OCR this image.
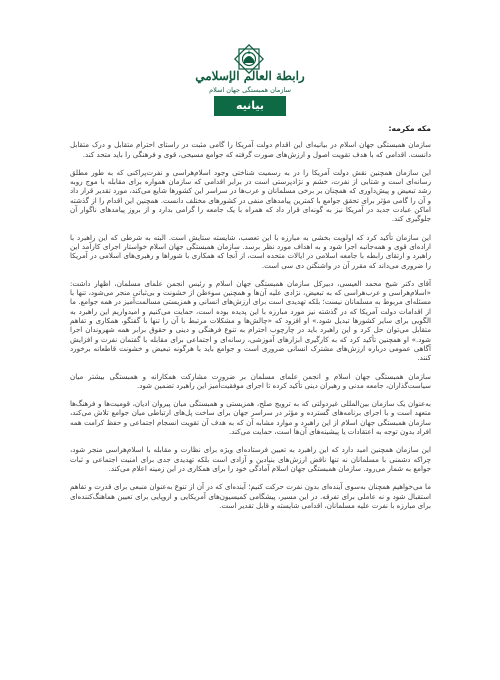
رابطة العالم الإسلامي
سازمان همبستگی جهان اسلام
بیانیه
مکه مکرمه:

سازمان همبستگی جهان اسلام در بیانیه‌ای این اقدام دولت آمریکا را گامی مثبت در راستای احترام متقابل و درک متقابل دانست. اقدامی که با هدف تقویت اصول و ارزش‌های صورت گرفته که جوامع مسیحی، قوی و فرهنگی را باید متحد کند.

این سازمان همچنین نقش دولت آمریکا را در به رسمیت شناختی وجود اسلام‌هراسی و نفرت‌پراکنی که به طور مطلق رسانه‌ای است و شتابی از نفرت، خشم و نژادپرستی است در برابر اقدامی که سازمان همواره برای مقابله با موج روبه رشد تبعیض و پیش‌داوری که همچنان بر برخی مسلمانان و عرب‌ها در سراسر این کشورها شایع می‌کند، مورد تقدیر قرار داد و آن را گامی مؤثر برای تحقق جوامع با کمترین پیامدهای منفی در کشورهای مختلف دانست. همچنین این اقدام را از گذشته اماکن عبادت جدید در آمریکا نیز به گونه‌ای قرار داد که همراه با یک جامعه را گرامی بدارد و از بروز پیامدهای ناگوار آن جلوگیری کند.

این سازمان تأکید کرد که اولویت بخشی به مبارزه با این تعصب، شایسته ستایش است. البته به شرطی که این راهبرد با اراده‌ای قوی و همه‌جانبه اجرا شود و به اهداف مورد نظر برسد. سازمان همبستگی جهان اسلام خواستار اجرای کارآمد این راهبرد و ارتقای رابطه با جامعه اسلامی در ایالات متحده است، از آنجا که همکاری با شوراها و رهبری‌های اسلامی در آمریکا را ضروری می‌داند که مقرر آن در واشنگتن دی سی است.

آقای دکتر شیخ محمد العیسی، دبیرکل سازمان همبستگی جهان اسلام و رئیس انجمن علمای مسلمان، اظهار داشت: «اسلام‌هراسی و عرب‌هراسی که به تبعیض، نژادی علیه آن‌ها و همچنین سوء‌ظن از خشونت و بی‌ثباتی منجر می‌شود، تنها با مسئله‌ای مربوط به مسلمانان نیست؛ بلکه تهدیدی است برای ارزش‌های انسانی و همزیستی مسالمت‌آمیز در همه جوامع. ما از اقدامات دولت آمریکا که در گذشته نیز مورد مبارزه با این پدیده بوده است، حمایت می‌کنیم و امیدواریم این راهبرد به الگویی برای سایر کشورها تبدیل شود.» او افزود که «چالش‌ها و مشکلات مرتبط با آن را تنها با گفتگو، همکاری و تفاهم متقابل می‌توان حل کرد و این راهبرد باید در چارچوب احترام به تنوع فرهنگی و دینی و حقوق برابر همه شهروندان اجرا شود.» او همچنین تأکید کرد که به کارگیری ابزارهای آموزشی، رسانه‌ای و اجتماعی برای مقابله با گفتمان نفرت و افزایش آگاهی عمومی درباره ارزش‌های مشترک انسانی ضروری است و جوامع باید با هرگونه تبعیض و خشونت قاطعانه برخورد کنند.

سازمان همبستگی جهان اسلام و انجمن علمای مسلمان بر ضرورت مشارکت همکارانه و همبستگی بیشتر میان سیاست‌گذاران، جامعه مدنی و رهبران دینی تأکید کرده تا اجرای موفقیت‌آمیز این راهبرد تضمین شود.

به‌عنوان یک سازمان بین‌المللی غیردولتی که به ترویج صلح، همزیستی و همبستگی میان پیروان ادیان، قومیت‌ها و فرهنگ‌ها متعهد است و با اجرای برنامه‌های گسترده و مؤثر در سراسر جهان برای ساخت پل‌های ارتباطی میان جوامع تلاش می‌کند، سازمان همبستگی جهان اسلام از این راهبرد و موارد مشابه آن که به هدف آن تقویت انسجام اجتماعی و حفظ کرامت همه افراد بدون توجه به اعتقادات یا پیشینه‌های آن‌ها است، حمایت می‌کند.

این سازمان همچنین امید دارد که این راهبرد به تعیین فرستاده‌ای ویژه برای نظارت و مقابله با اسلام‌هراسی منجر شود، چراکه دشمنی با مسلمانان نه تنها ناقض ارزش‌های بنیادین و آزادی است بلکه تهدیدی جدی برای امنیت اجتماعی و ثبات جوامع به شمار می‌رود. سازمان همبستگی جهان اسلام آمادگی خود را برای همکاری در این زمینه اعلام می‌کند.

ما می‌خواهیم همچنان به‌سوی آینده‌ای بدون نفرت حرکت کنیم؛ آینده‌ای که در آن از تنوع به‌عنوان منبعی برای قدرت و تفاهم استقبال شود و نه عاملی برای تفرقه. در این مسیر، پیشگامی کمیسیون‌های آمریکایی و اروپایی برای تعیین هماهنگ‌کننده‌ای برای مبارزه با نفرت علیه مسلمانان، اقدامی شایسته و قابل تقدیر است.
